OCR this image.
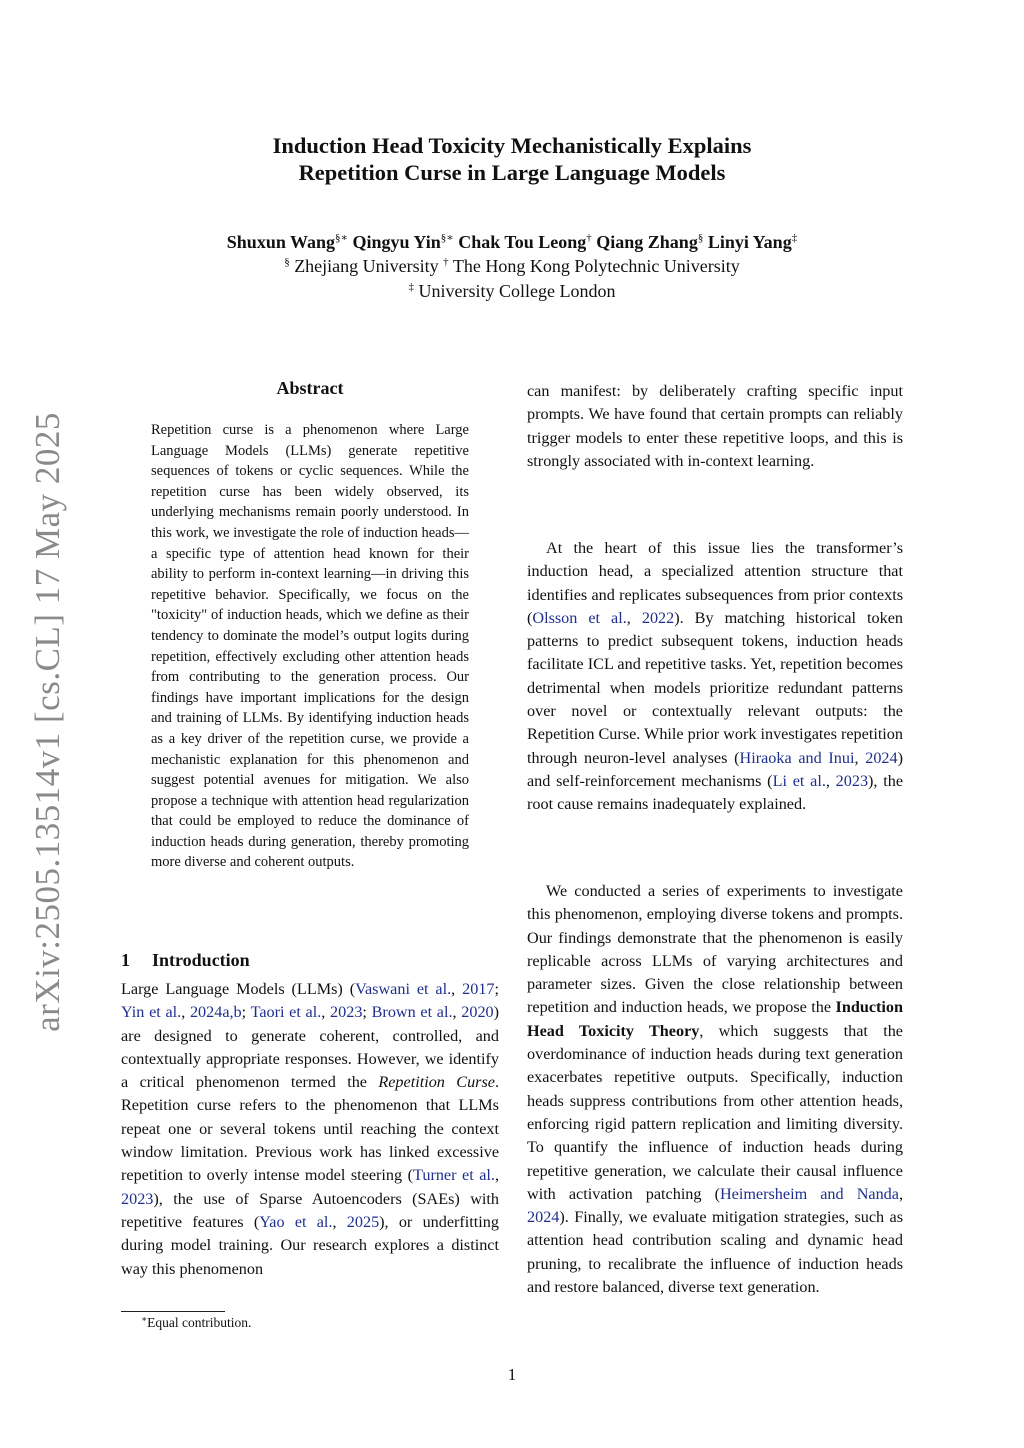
arXiv:2505.13514v1 [cs.CL] 17 May 2025
Induction Head Toxicity Mechanistically Explains
Repetition Curse in Large Language Models
Shuxun Wang§∗ Qingyu Yin§∗ Chak Tou Leong† Qiang Zhang§ Linyi Yang‡
§ Zhejiang University † The Hong Kong Polytechnic University
‡ University College London
Abstract
Repetition curse is a phenomenon where Large Language Models (LLMs) generate repetitive sequences of tokens or cyclic sequences. While the repetition curse has been widely observed, its underlying mechanisms remain poorly understood. In this work, we investigate the role of induction heads—a specific type of attention head known for their ability to perform in-context learning—in driving this repetitive behavior. Specifically, we focus on the "toxicity" of induction heads, which we define as their tendency to dominate the model’s output logits during repetition, effectively excluding other attention heads from contributing to the generation process. Our findings have important implications for the design and training of LLMs. By identifying induction heads as a key driver of the repetition curse, we provide a mechanistic explanation for this phenomenon and suggest potential avenues for mitigation. We also propose a technique with attention head regularization that could be employed to reduce the dominance of induction heads during generation, thereby promoting more diverse and coherent outputs.
1 Introduction
Large Language Models (LLMs) (Vaswani et al., 2017; Yin et al., 2024a,b; Taori et al., 2023; Brown et al., 2020) are designed to generate coherent, controlled, and contextually appropriate responses. However, we identify a critical phenomenon termed the Repetition Curse. Repetition curse refers to the phenomenon that LLMs repeat one or several tokens until reaching the context window limitation. Previous work has linked excessive repetition to overly intense model steering (Turner et al., 2023), the use of Sparse Autoencoders (SAEs) with repetitive features (Yao et al., 2025), or underfitting during model training. Our research explores a distinct way this phenomenon
can manifest: by deliberately crafting specific input prompts. We have found that certain prompts can reliably trigger models to enter these repetitive loops, and this is strongly associated with in-context learning.
At the heart of this issue lies the transformer’s induction head, a specialized attention structure that identifies and replicates subsequences from prior contexts (Olsson et al., 2022). By matching historical token patterns to predict subsequent tokens, induction heads facilitate ICL and repetitive tasks. Yet, repetition becomes detrimental when models prioritize redundant patterns over novel or contextually relevant outputs: the Repetition Curse. While prior work investigates repetition through neuron-level analyses (Hiraoka and Inui, 2024) and self-reinforcement mechanisms (Li et al., 2023), the root cause remains inadequately explained.
We conducted a series of experiments to investigate this phenomenon, employing diverse tokens and prompts. Our findings demonstrate that the phenomenon is easily replicable across LLMs of varying architectures and parameter sizes. Given the close relationship between repetition and induction heads, we propose the Induction Head Toxicity Theory, which suggests that the overdominance of induction heads during text generation exacerbates repetitive outputs. Specifically, induction heads suppress contributions from other attention heads, enforcing rigid pattern replication and limiting diversity. To quantify the influence of induction heads during repetitive generation, we calculate their causal influence with activation patching (Heimersheim and Nanda, 2024). Finally, we evaluate mitigation strategies, such as attention head contribution scaling and dynamic head pruning, to recalibrate the influence of induction heads and restore balanced, diverse text generation.
∗Equal contribution.
1
